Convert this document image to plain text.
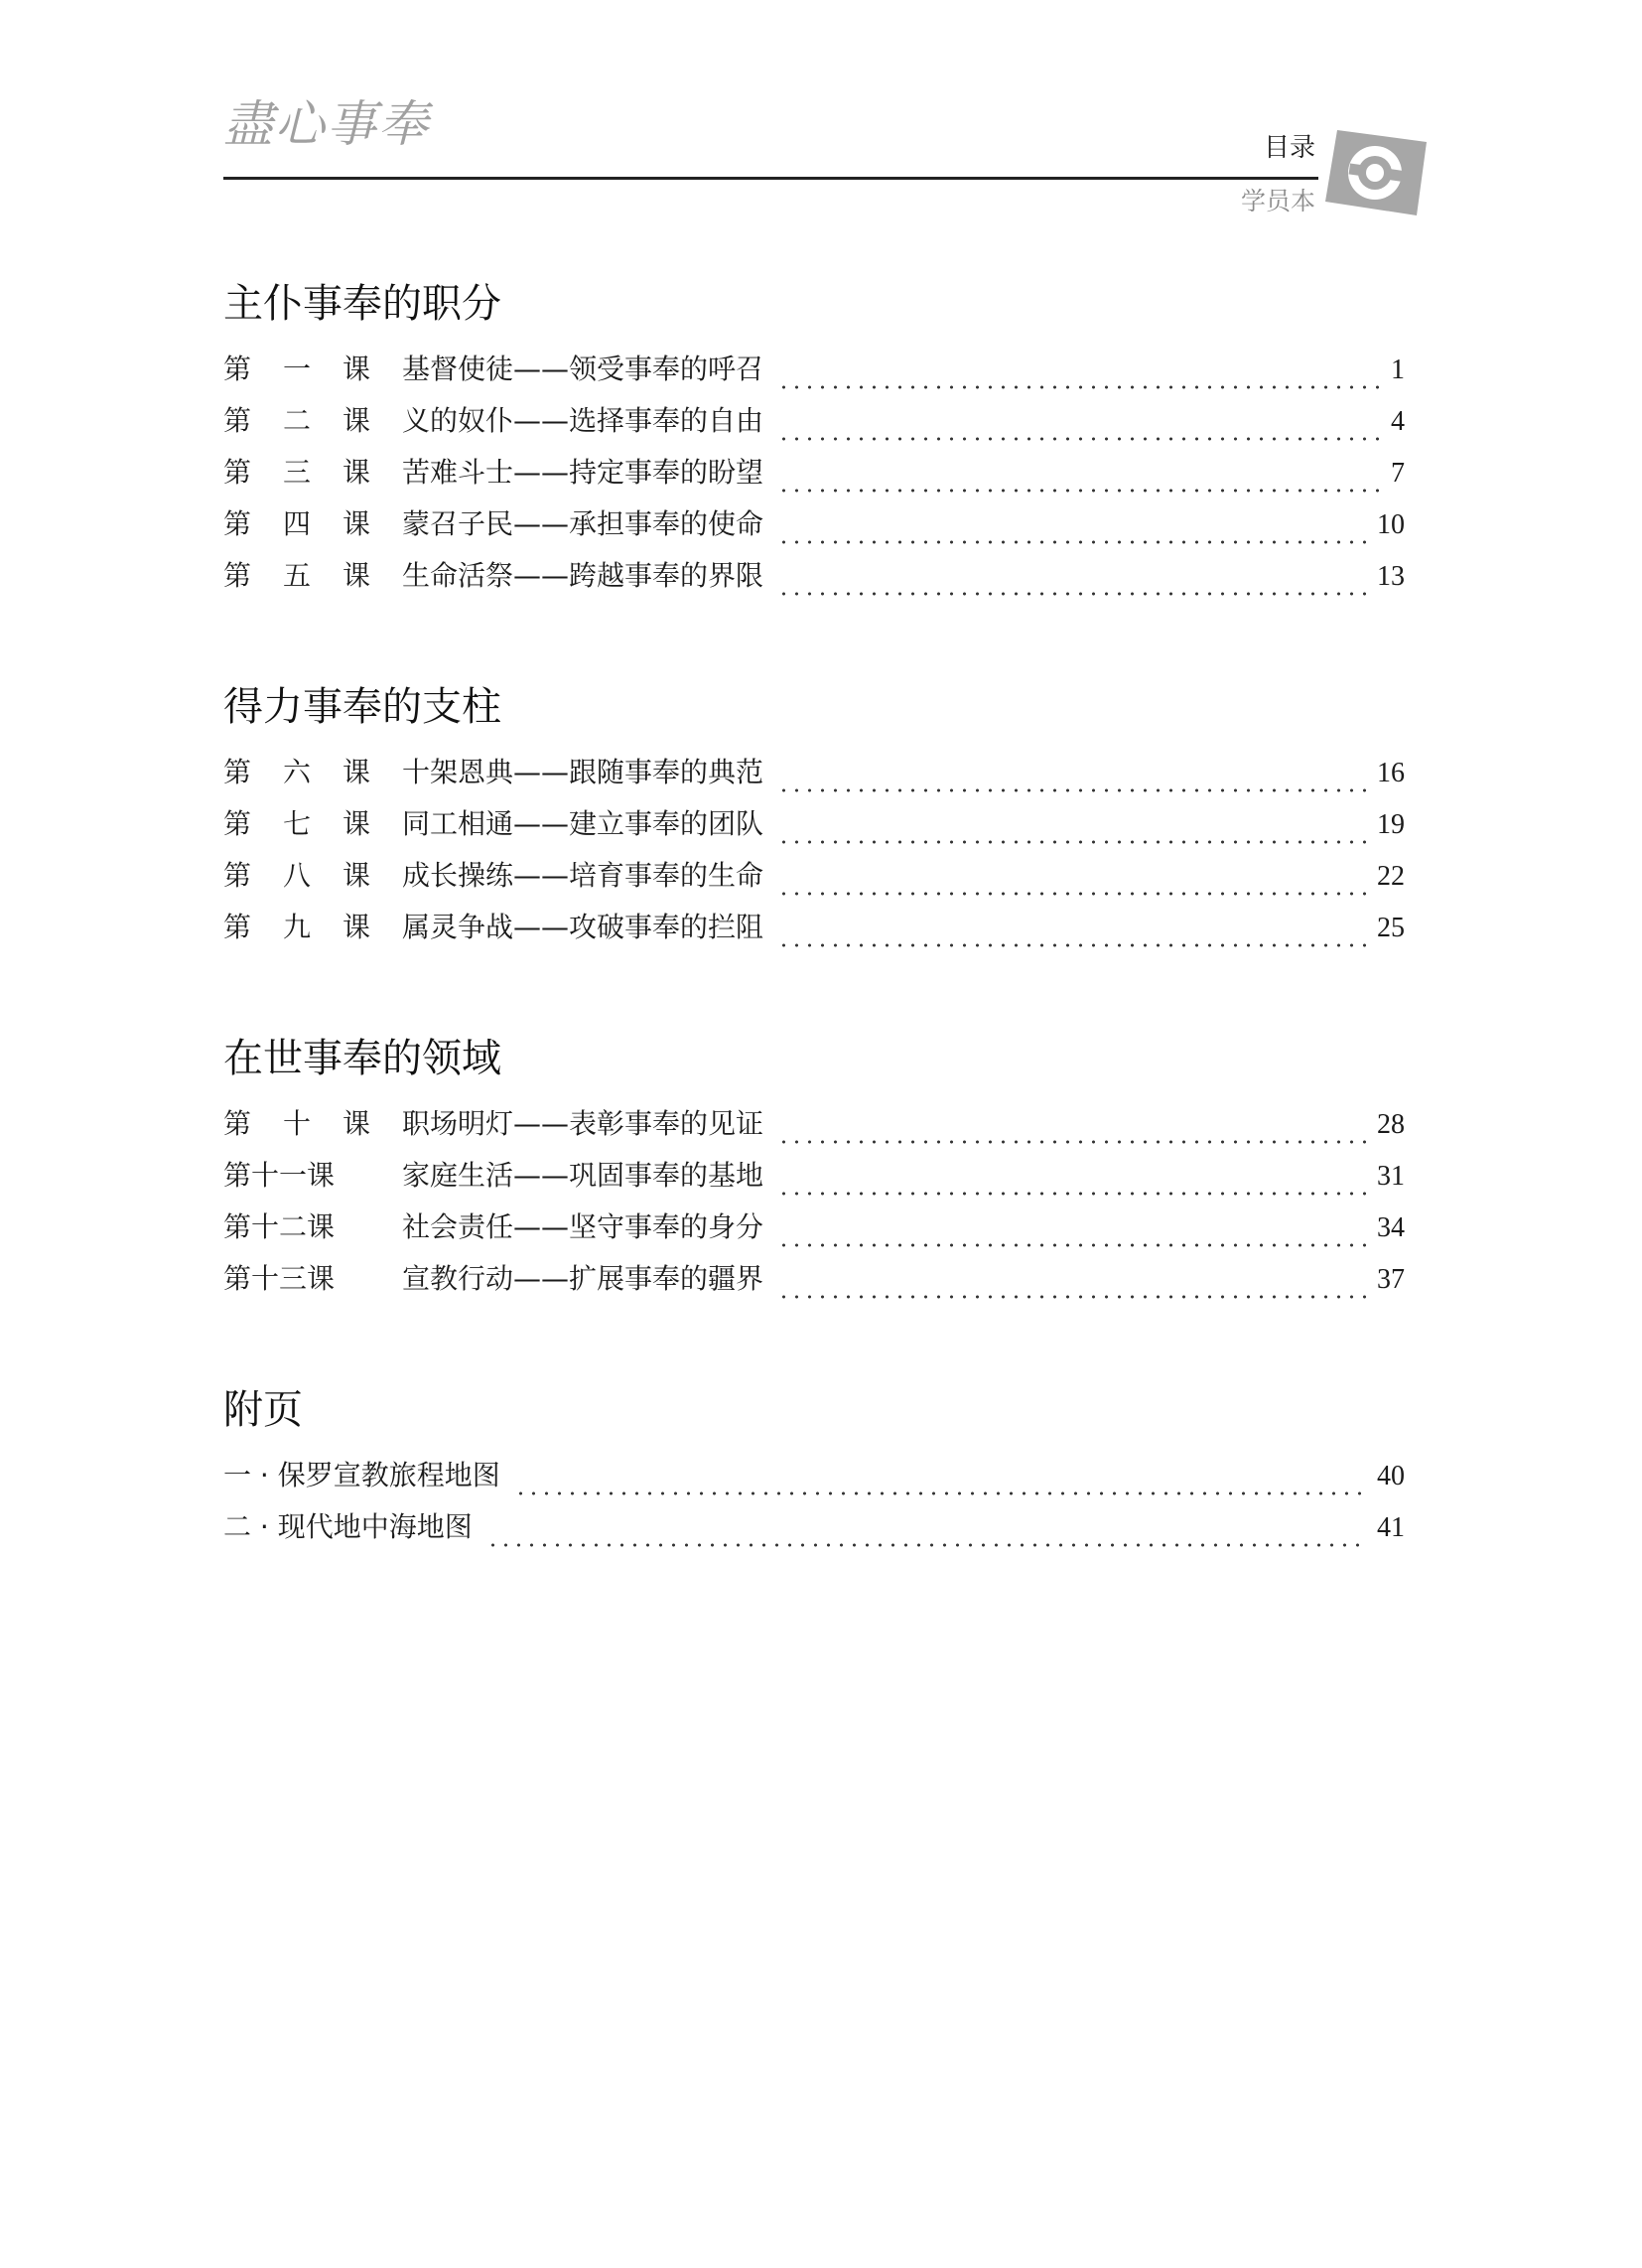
盡心事奉	目录
学员本
主仆事奉的职分
第 一 课	基督使徒——领受事奉的呼召	1
第 二 课	义的奴仆——选择事奉的自由	4
第 三 课	苦难斗士——持定事奉的盼望	7
第 四 课	蒙召子民——承担事奉的使命	10
第 五 课	生命活祭——跨越事奉的界限	13
得力事奉的支柱
第 六 课	十架恩典——跟随事奉的典范	16
第 七 课	同工相通——建立事奉的团队	19
第 八 课	成长操练——培育事奉的生命	22
第 九 课	属灵争战——攻破事奉的拦阻	25
在世事奉的领域
第 十 课	职场明灯——表彰事奉的见证	28
第十一课	家庭生活——巩固事奉的基地	31
第十二课	社会责任——坚守事奉的身分	34
第十三课	宣教行动——扩展事奉的疆界	37
附页
一 · 保罗宣教旅程地图	40
二 · 现代地中海地图	41
